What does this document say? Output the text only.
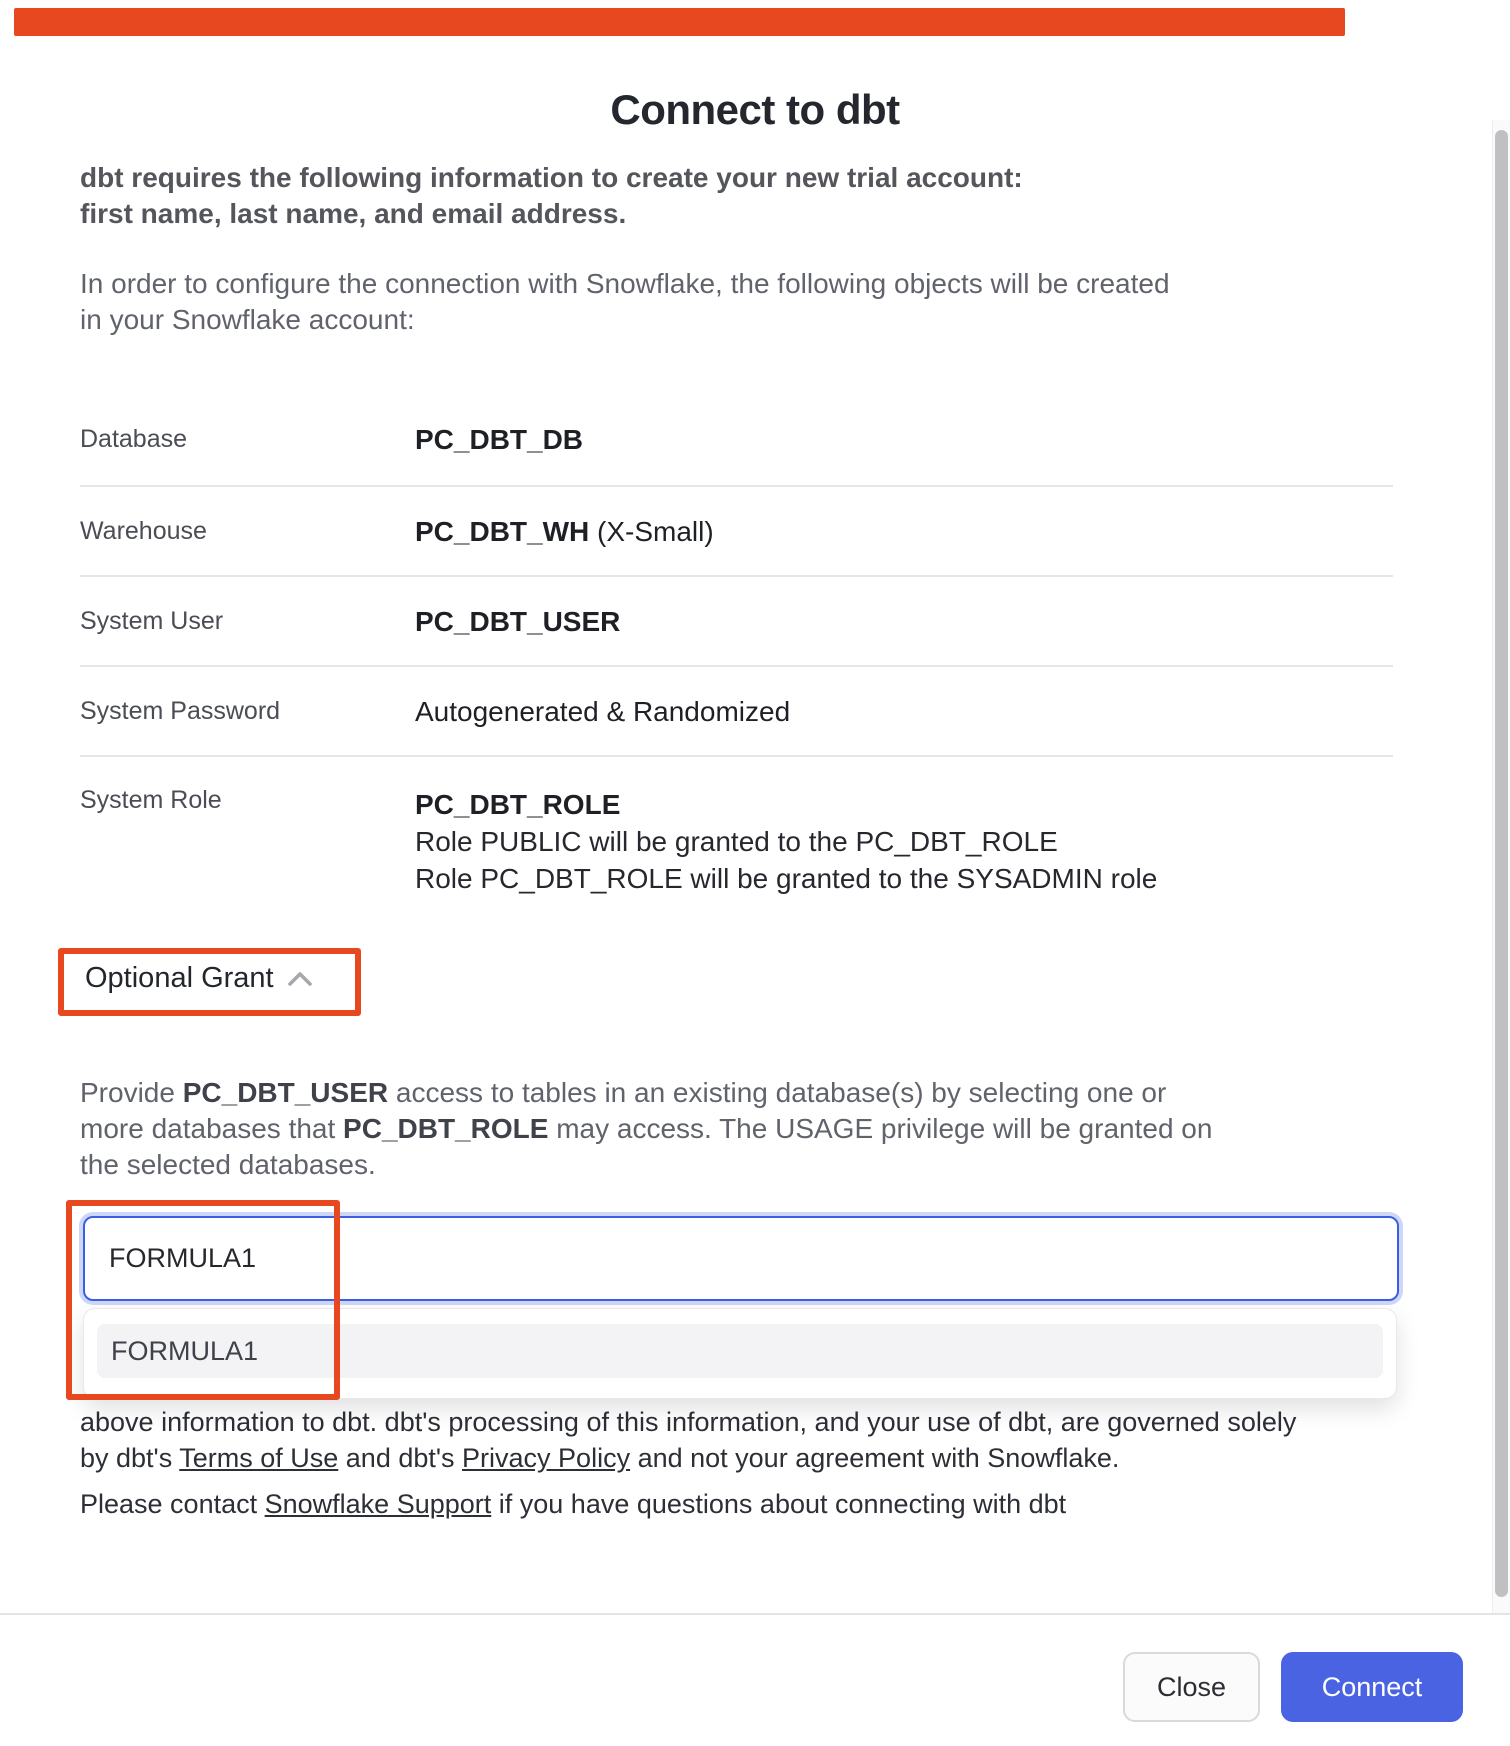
Connect to dbt
dbt requires the following information to create your new trial account:
first name, last name, and email address.
In order to configure the connection with Snowflake, the following objects will be created
in your Snowflake account:
Database	PC_DBT_DB
Warehouse	PC_DBT_WH (X-Small)
System User	PC_DBT_USER
System Password	Autogenerated & Randomized
System Role	PC_DBT_ROLE
Role PUBLIC will be granted to the PC_DBT_ROLE
Role PC_DBT_ROLE will be granted to the SYSADMIN role
Optional Grant
Provide PC_DBT_USER access to tables in an existing database(s) by selecting one or
more databases that PC_DBT_ROLE may access. The USAGE privilege will be granted on
the selected databases.
FORMULA1
FORMULA1
above information to dbt. dbt's processing of this information, and your use of dbt, are governed solely
by dbt's Terms of Use and dbt's Privacy Policy and not your agreement with Snowflake.
Please contact Snowflake Support if you have questions about connecting with dbt
Close	Connect
